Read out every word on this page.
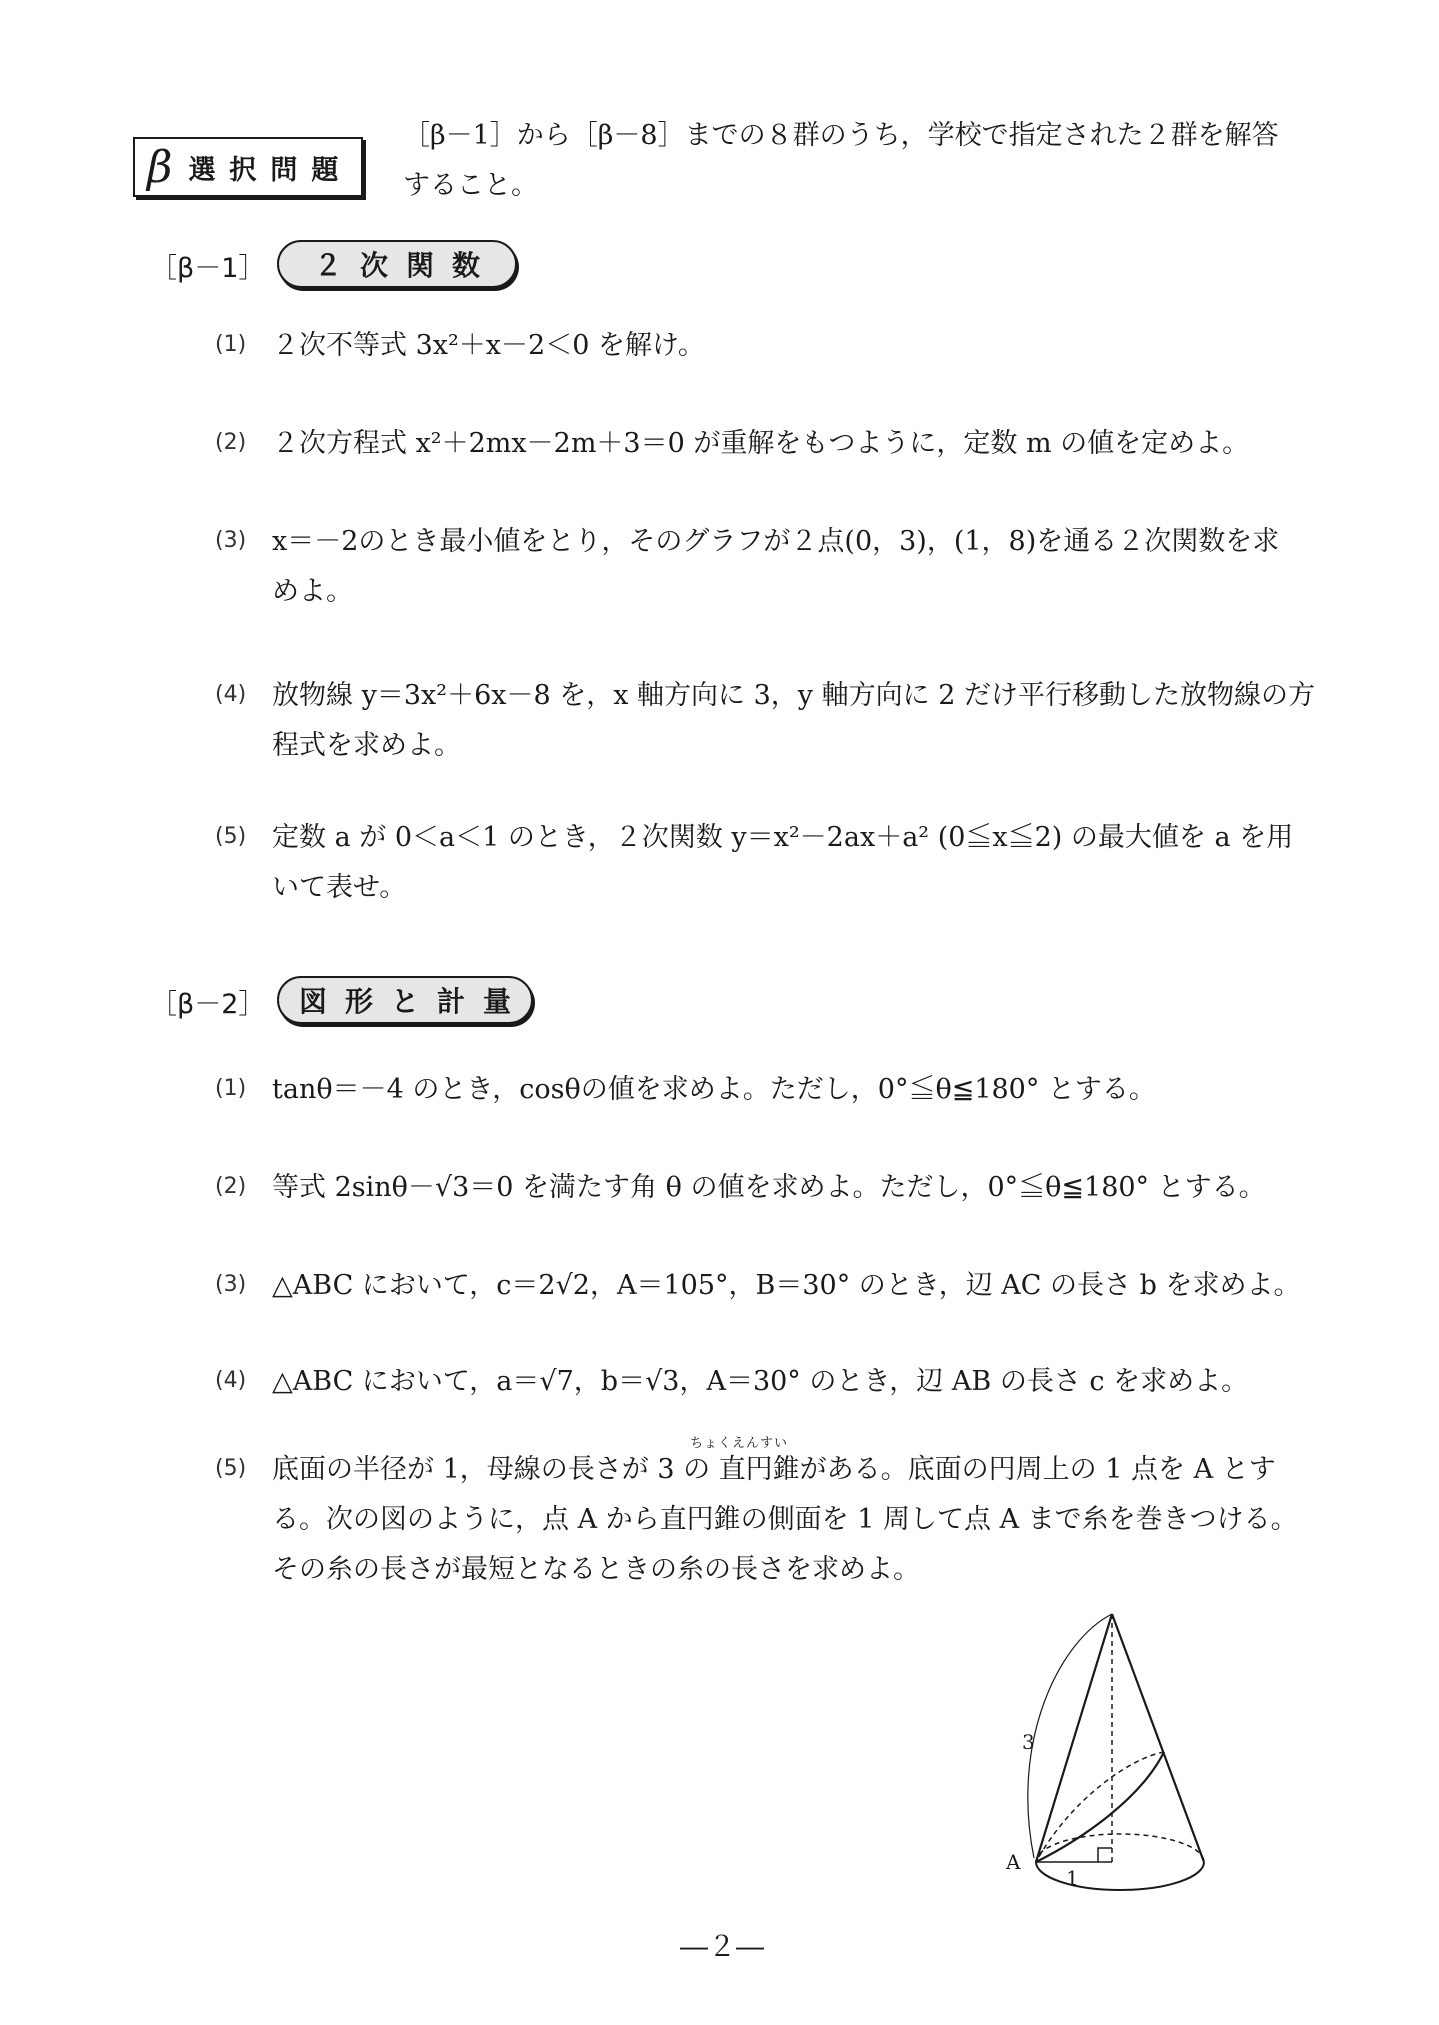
β 選択問題
［β－1］から［β－8］までの８群のうち，学校で指定された２群を解答
すること。
［β－1］	２次関数
(1) ２次不等式 3x²＋x－2＜0 を解け。
(2) ２次方程式 x²＋2mx－2m＋3＝0 が重解をもつように，定数 m の値を定めよ。
(3) x＝－2のとき最小値をとり，そのグラフが２点(0，3)，(1，8)を通る２次関数を求
めよ。
(4) 放物線 y＝3x²＋6x－8 を，x 軸方向に 3，y 軸方向に 2 だけ平行移動した放物線の方
程式を求めよ。
(5) 定数 a が 0＜a＜1 のとき，２次関数 y＝x²－2ax＋a² (0≦x≦2) の最大値を a を用
いて表せ。
［β－2］	図形と計量
(1) tanθ＝－4 のとき，cosθの値を求めよ。ただし，0°≦θ≦180° とする。
(2) 等式 2sinθ－√3＝0 を満たす角 θ の値を求めよ。ただし，0°≦θ≦180° とする。
(3) △ABC において，c＝2√2，A＝105°，B＝30° のとき，辺 AC の長さ b を求めよ。
(4) △ABC において，a＝√7，b＝√3，A＝30° のとき，辺 AB の長さ c を求めよ。
ちょくえんすい
(5) 底面の半径が 1，母線の長さが 3 の 直円錐がある。底面の円周上の 1 点を A とす
る。次の図のように，点 A から直円錐の側面を 1 周して点 A まで糸を巻きつける。
その糸の長さが最短となるときの糸の長さを求めよ。
3
1
A
―２―
